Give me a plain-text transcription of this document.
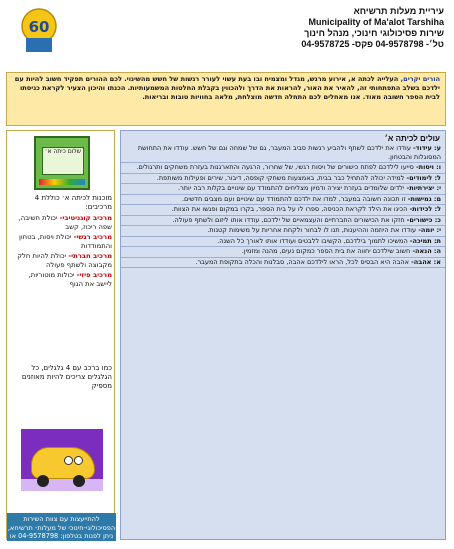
60
עיריית מעלות תרשיחא
Municipality of Ma'alot Tarshiha
שירות פסיכולוגי חינוכי, מנהל חינוך
טל׳- 04-9578798 פקס- 04-9578725
הורים יקרים, העלייה לכתה א, אירוע מרגש, מגדל ומצמיח ובו בעת עשוי לעורר רגשות של חשש מהשינוי. לכם ההורים תפקיד חשוב להיות עם ילדכם בשלב התפתחותי זה, להאיר את האור, להראות את הדרך ולהכווין בקבלת החלטות המשמעותיות. הכנתו והיכון הצעיר לקראת כניסתו לבית הספר חשובה מאוד. אנו מאחלים לכם התחלה חדשה מוצלחת, מלאה בחוויות טובות ובריאות.
שלום כיתה א׳
מוכנות לכיתה א׳ כוללת 4 מרכיבים:
מרכיב קוגניטיבי- יכולת חשיבה, שפה ריכוז, קשב
מרכיב רגשי- יכולת ויסות, בטחון והתמודדות
מרכיב חברתי- יכולת להיות חלק מקבוצה ולשתף פעולה
מרכיב פיזי- יכולות מוטוריות, ליישב את הגוף
כמו ברכב עם 4 גלגלים, כל הגלגלים צריכים להיות מאוזנים מספיק
להתייעצות עם צוות השירות הפסיכולוגי-חינוכי של מעלות- תרשיחא, ניתן לפנות בטלפון: 04-9578798 או דרך מוקד 106
עולים לכיתה א׳
ע: עידוד- עודדו את ילדכם לשתף ולהביע רגשות סביב המעבר, גם של שמחה וגם של חשש. עודדו את התחושת המסוגלות והבטחון.
ו: ויסות- סייעו לילדכם לפתח כישורים של ויסות רגשי, של שחרור, הרגעה והתארגנות בעזרת משחקים ותרגולים.
ל: לימודים- למידה יכולה להתחיל כבר בבית, באמצעות משחקי קופסה, דיבור, שירים ופעילות משותפת.
י: יצירתיות- ילדים שלומדים בעזרת יצירה ודמיון מצליחים להתמודד עם שינויים בקלות רבה יותר.
ם: גמישות- זו תכונה חשובה במעבר, למדו את ילדכם להתמודד עם שינויים ועם מצבים חדשים.
ל: לכידות- הכינו את הילד לקראת הכניסה, ספרו לו על בית הספר, בקרו במקום ופגשו את הצוות.
כ: כישורים- חזקו את הכישורים החברתיים והעצמאיים של ילדכם, עודדו אותו ליזום ולשתף פעולה.
י: יומה- עודדו את היוזמה וההיענות, תנו לו לבחור ולקחת אחריות על משימות קטנות.
ת: תמיכה- המשיכו לתמוך בילדכם, הקשיבו ללבטים ועודדו אותו לאורך כל השנה.
ה: הנאה- חשוב שילדכם יחווה את בית הספר כמקום נעים, מהנה ומזמין.
א: אהבה- אהבה היא הבסיס לכל, הראו לילדכם אהבה, סבלנות והכלה בתקופת המעבר.
